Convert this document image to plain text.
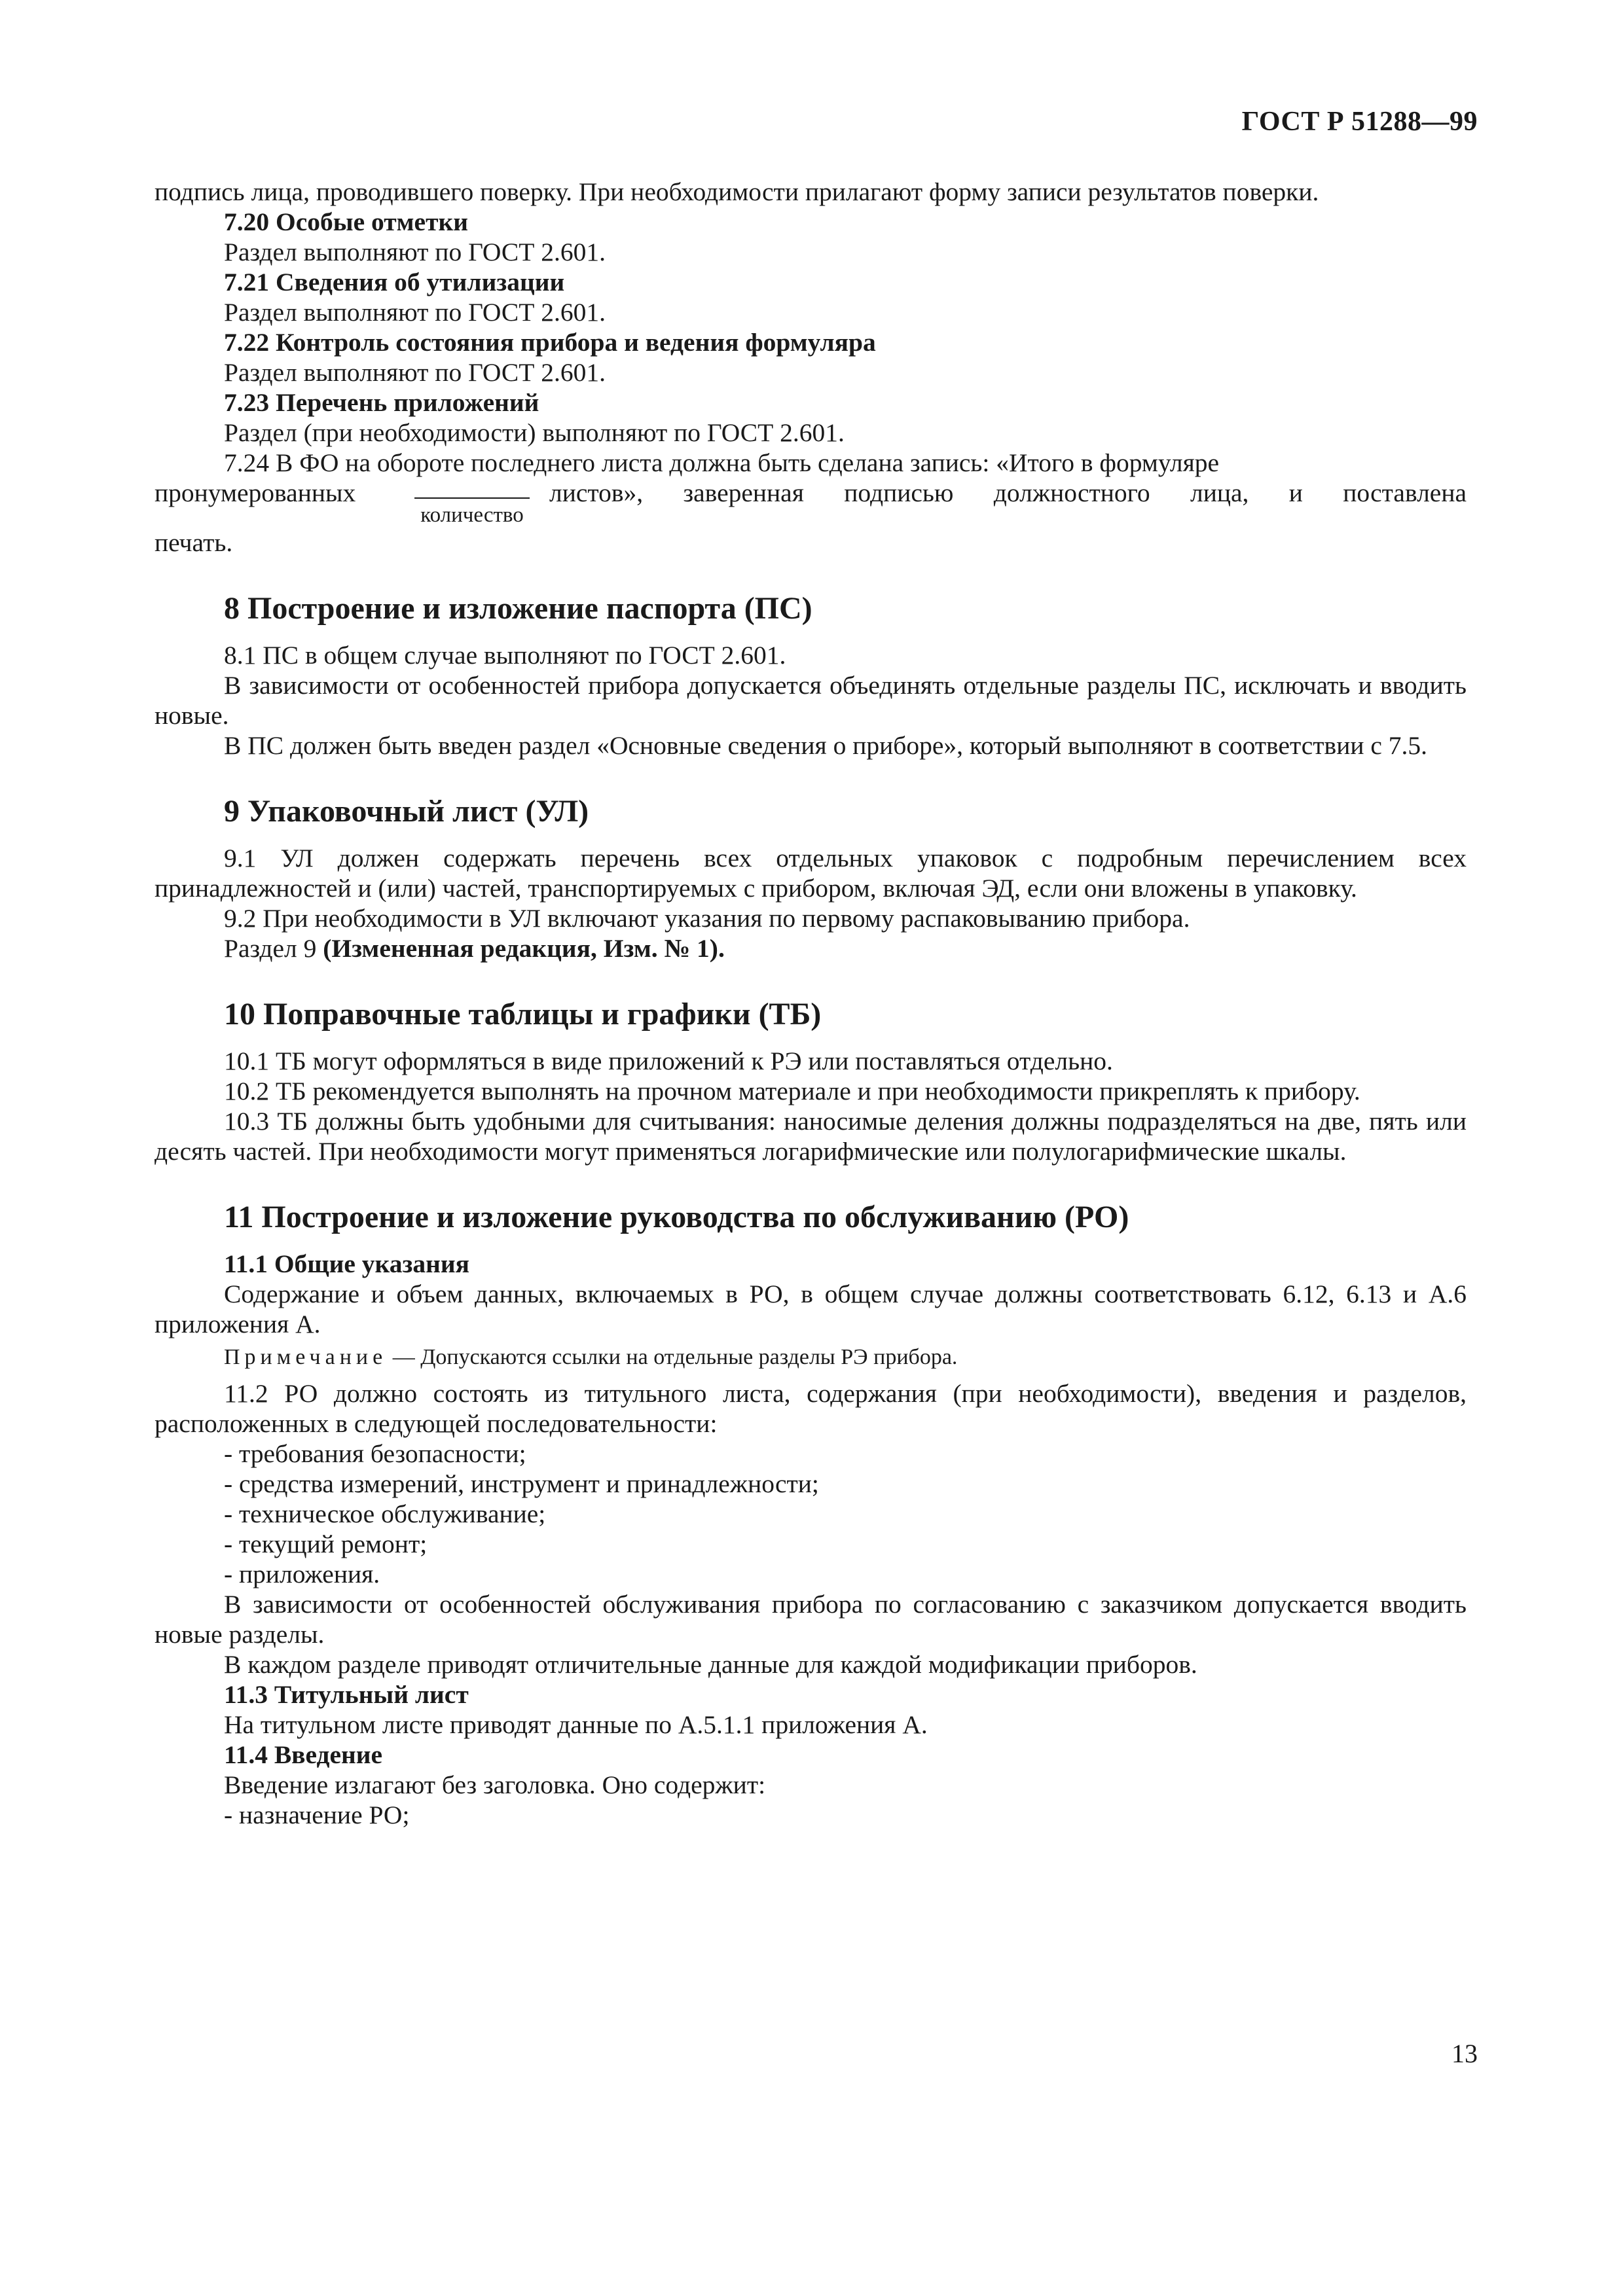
ГОСТ Р 51288—99

подпись лица, проводившего поверку. При необходимости прилагают форму записи результатов поверки.

7.20 Особые отметки

Раздел выполняют по ГОСТ 2.601.

7.21 Сведения об утилизации

Раздел выполняют по ГОСТ 2.601.

7.22 Контроль состояния прибора и ведения формуляра

Раздел выполняют по ГОСТ 2.601.

7.23 Перечень приложений

Раздел (при необходимости) выполняют по ГОСТ 2.601.

7.24 В ФО на обороте последнего листа должна быть сделана запись: «Итого в формуляре

пронумерованных
количество
листов», заверенная подписью должностного лица, и поставлена

печать.

8 Построение и изложение паспорта (ПС)

8.1 ПС в общем случае выполняют по ГОСТ 2.601.

В зависимости от особенностей прибора допускается объединять отдельные разделы ПС, исключать и вводить новые.

В ПС должен быть введен раздел «Основные сведения о приборе», который выполняют в соответствии с 7.5.

9 Упаковочный лист (УЛ)

9.1 УЛ должен содержать перечень всех отдельных упаковок с подробным перечислением всех принадлежностей и (или) частей, транспортируемых с прибором, включая ЭД, если они вложены в упаковку.

9.2 При необходимости в УЛ включают указания по первому распаковыванию прибора.

Раздел 9 (Измененная редакция, Изм. № 1).

10 Поправочные таблицы и графики (ТБ)

10.1 ТБ могут оформляться в виде приложений к РЭ или поставляться отдельно.

10.2 ТБ рекомендуется выполнять на прочном материале и при необходимости прикреплять к прибору.

10.3 ТБ должны быть удобными для считывания: наносимые деления должны подразделяться на две, пять или десять частей. При необходимости могут применяться логарифмические или полулогарифмические шкалы.

11 Построение и изложение руководства по обслуживанию (РО)

11.1 Общие указания

Содержание и объем данных, включаемых в РО, в общем случае должны соответствовать 6.12, 6.13 и А.6 приложения А.

Примечание — Допускаются ссылки на отдельные разделы РЭ прибора.

11.2 РО должно состоять из титульного листа, содержания (при необходимости), введения и разделов, расположенных в следующей последовательности:

- требования безопасности;

- средства измерений, инструмент и принадлежности;

- техническое обслуживание;

- текущий ремонт;

- приложения.

В зависимости от особенностей обслуживания прибора по согласованию с заказчиком допускается вводить новые разделы.

В каждом разделе приводят отличительные данные для каждой модификации приборов.

11.3 Титульный лист

На титульном листе приводят данные по А.5.1.1 приложения А.

11.4 Введение

Введение излагают без заголовка. Оно содержит:

- назначение РО;

13
